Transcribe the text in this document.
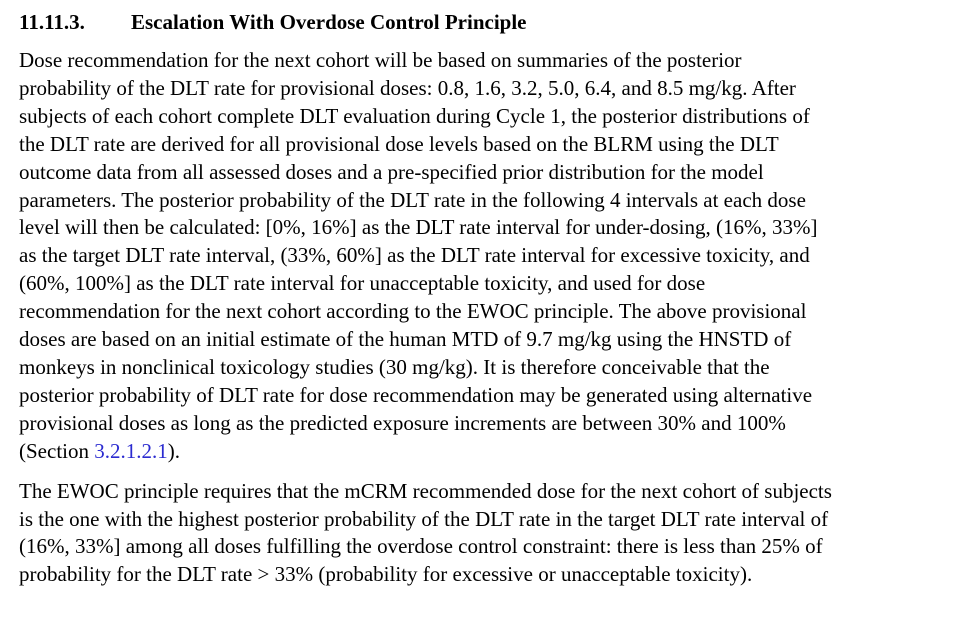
11.11.3. Escalation With Overdose Control Principle

Dose recommendation for the next cohort will be based on summaries of the posterior
probability of the DLT rate for provisional doses: 0.8, 1.6, 3.2, 5.0, 6.4, and 8.5 mg/kg. After
subjects of each cohort complete DLT evaluation during Cycle 1, the posterior distributions of
the DLT rate are derived for all provisional dose levels based on the BLRM using the DLT
outcome data from all assessed doses and a pre-specified prior distribution for the model
parameters. The posterior probability of the DLT rate in the following 4 intervals at each dose
level will then be calculated: [0%, 16%] as the DLT rate interval for under-dosing, (16%, 33%]
as the target DLT rate interval, (33%, 60%] as the DLT rate interval for excessive toxicity, and
(60%, 100%] as the DLT rate interval for unacceptable toxicity, and used for dose
recommendation for the next cohort according to the EWOC principle. The above provisional
doses are based on an initial estimate of the human MTD of 9.7 mg/kg using the HNSTD of
monkeys in nonclinical toxicology studies (30 mg/kg). It is therefore conceivable that the
posterior probability of DLT rate for dose recommendation may be generated using alternative
provisional doses as long as the predicted exposure increments are between 30% and 100%
(Section 3.2.1.2.1).

The EWOC principle requires that the mCRM recommended dose for the next cohort of subjects
is the one with the highest posterior probability of the DLT rate in the target DLT rate interval of
(16%, 33%] among all doses fulfilling the overdose control constraint: there is less than 25% of
probability for the DLT rate > 33% (probability for excessive or unacceptable toxicity).
